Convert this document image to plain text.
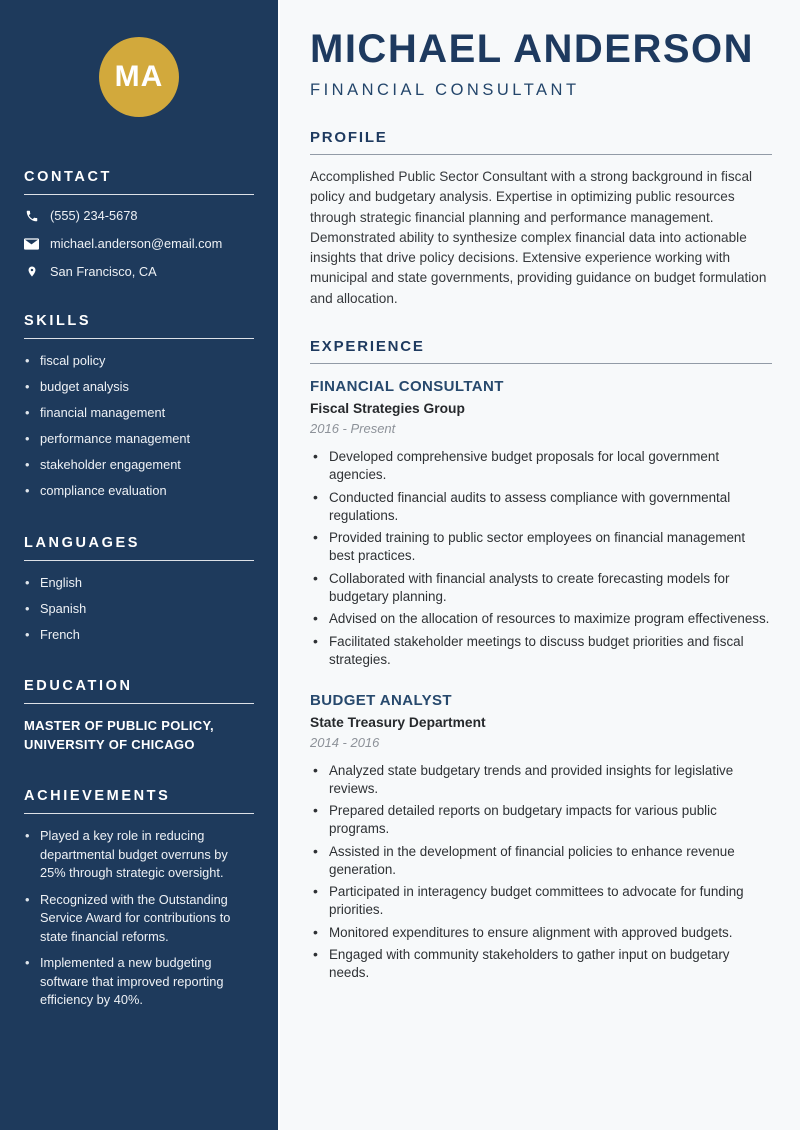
MA
CONTACT
(555) 234-5678
michael.anderson@email.com
San Francisco, CA
SKILLS
• fiscal policy
• budget analysis
• financial management
• performance management
• stakeholder engagement
• compliance evaluation
LANGUAGES
• English
• Spanish
• French
EDUCATION
MASTER OF PUBLIC POLICY, UNIVERSITY OF CHICAGO
ACHIEVEMENTS
• Played a key role in reducing departmental budget overruns by 25% through strategic oversight.
• Recognized with the Outstanding Service Award for contributions to state financial reforms.
• Implemented a new budgeting software that improved reporting efficiency by 40%.
MICHAEL ANDERSON
FINANCIAL CONSULTANT
PROFILE

Accomplished Public Sector Consultant with a strong background in fiscal policy and budgetary analysis. Expertise in optimizing public resources through strategic financial planning and performance management. Demonstrated ability to synthesize complex financial data into actionable insights that drive policy decisions. Extensive experience working with municipal and state governments, providing guidance on budget formulation and allocation.

EXPERIENCE
FINANCIAL CONSULTANT
Fiscal Strategies Group
2016 - Present
• Developed comprehensive budget proposals for local government agencies.
• Conducted financial audits to assess compliance with governmental regulations.
• Provided training to public sector employees on financial management best practices.
• Collaborated with financial analysts to create forecasting models for budgetary planning.
• Advised on the allocation of resources to maximize program effectiveness.
• Facilitated stakeholder meetings to discuss budget priorities and fiscal strategies.
BUDGET ANALYST
State Treasury Department
2014 - 2016
• Analyzed state budgetary trends and provided insights for legislative reviews.
• Prepared detailed reports on budgetary impacts for various public programs.
• Assisted in the development of financial policies to enhance revenue generation.
• Participated in interagency budget committees to advocate for funding priorities.
• Monitored expenditures to ensure alignment with approved budgets.
• Engaged with community stakeholders to gather input on budgetary needs.
